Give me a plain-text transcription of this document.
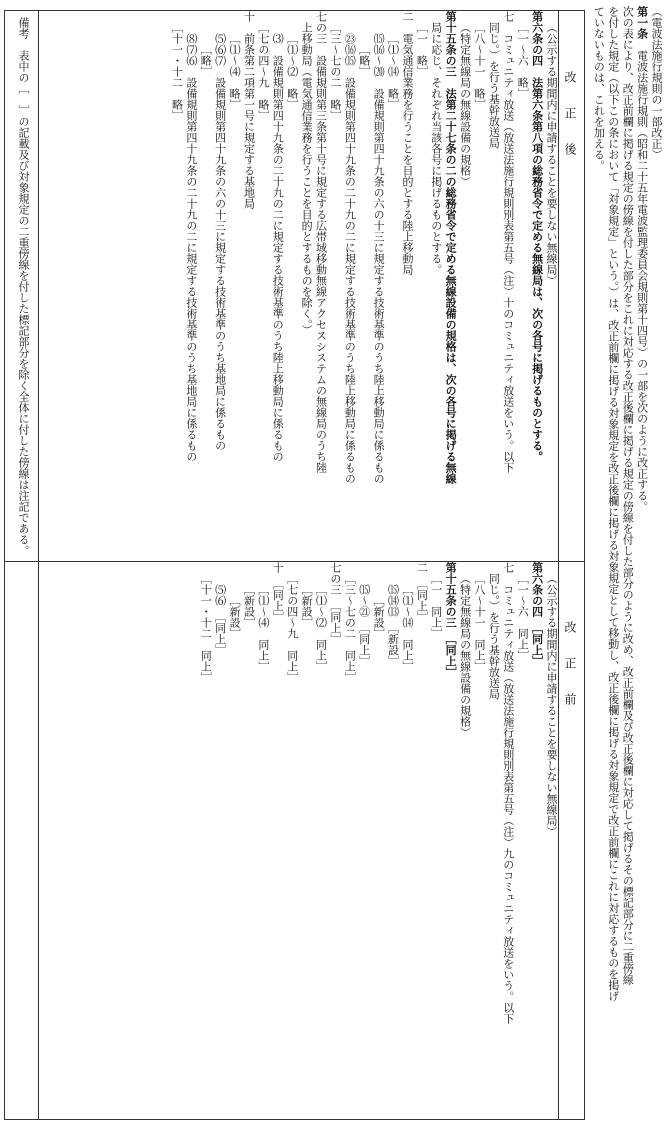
（電波法施行規則の一部改正）
第一条　電波法施行規則（昭和二十五年電波監理委員会規則第十四号）の一部を次のように改正する。
次の表により、改正前欄に掲げる規定の傍線を付した部分をこれに対応する改正後欄に掲げる規定の傍線を付した部分のように改め、改正前欄及び改正後欄に対応して掲げるその標記部分に二重傍線
を付した規定（以下この条において「対象規定」という。）は、改正前欄に掲げる対象規定を改正後欄に掲げる対象規定として移動し、改正後欄に掲げる対象規定で改正前欄にこれに対応するものを掲げ
ていないものは、これを加える。
改　　正　　後
改　　正　　前
（公示する期間内に申請することを要しない無線局）
第六条の四　法第六条第八項の総務省令で定める無線局は、次の各号に掲げるものとする。
［一～六　略］
七　コミュニティ放送（放送法施行規則別表第五号（注）十のコミュニティ放送をいう。以下
同じ。）を行う基幹放送局
［八～十一　略］
（特定無線局の無線設備の規格）
第十五条の三　法第二十七条の二の総務省令で定める無線設備の規格は、次の各号に掲げる無線
局に応じ、それぞれ当該各号に掲げるものとする。
［一　略］
二　電気通信業務を行うことを目的とする陸上移動局
［⑴～⒁　略］
⒂⒃～⒇　設備規則第四十九条の六の十三に規定する技術基準のうち陸上移動局に係るもの
［略］
㉓⒃⒂　設備規則第四十九条の二十九の二に規定する技術基準のうち陸上移動局に係るもの
［三～七の二　略］
七の三　設備規則第三条第十号に規定する広帯域移動無線アクセスシステムの無線局のうち陸
上移動局（電気通信業務を行うことを目的とするものを除く。）
［⑴～⑵　略］
⑶　設備規則第四十九条の二十九の二に規定する技術基準のうち陸上移動局に係るもの
［七の四～九　略］
十　前条第二項第一号に規定する基地局
［⑴～⑷　略］
⑸⑹⑺　設備規則第四十九条の六の十三に規定する技術基準のうち基地局に係るもの
［略］
⑻⑺⑹　設備規則第四十九条の二十九の二に規定する技術基準のうち基地局に係るもの
［十一・十二　略］
（公示する期間内に申請することを要しない無線局）
第六条の四　［同上］
［一～六　同上］
七　コミュニティ放送（放送法施行規則別表第五号（注）九のコミュニティ放送をいう。以下
同じ。）を行う基幹放送局
［八～十一　同上］
（特定無線局の無線設備の規格）
第十五条の三　［同上］
［一　同上］
二　［同上］
［⑴～⒁　同上］
⒂⒁⒀　［新設］
［新設］
⒂～㉑　［同上］
［三～七の二　同上］
七の三　［同上］
［⑴～⑵　同上］
［新設］
［七の四～九　同上］
十　［同上］
［⑴～⑷　同上］
［新設］
［新設］
⑸⑹　［同上］
［十一・十二　同上］
備考　表中の［　］の記載及び対象規定の二重傍線を付した標記部分を除く全体に付した傍線は注記である。
